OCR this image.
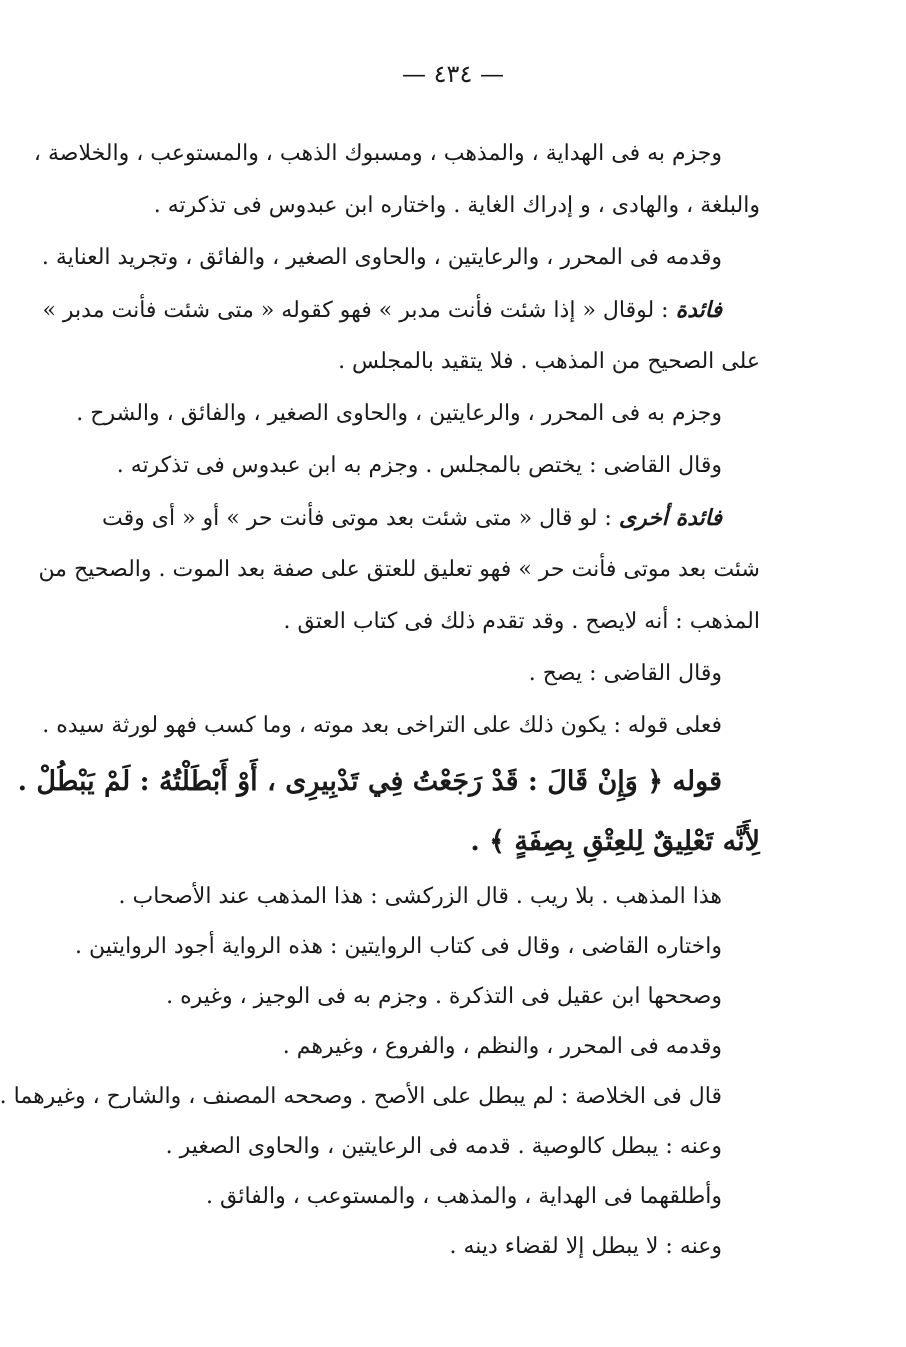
— ٤٣٤ —
وجزم به فى الهداية ، والمذهب ، ومسبوك الذهب ، والمستوعب ، والخلاصة ،
والبلغة ، والهادى ، و إدراك الغاية . واختاره ابن عبدوس فى تذكرته .
وقدمه فى المحرر ، والرعايتين ، والحاوى الصغير ، والفائق ، وتجريد العناية .
فائدة : لوقال « إذا شئت فأنت مدبر » فهو كقوله « متى شئت فأنت مدبر »
على الصحيح من المذهب . فلا يتقيد بالمجلس .
وجزم به فى المحرر ، والرعايتين ، والحاوى الصغير ، والفائق ، والشرح .
وقال القاضى : يختص بالمجلس . وجزم به ابن عبدوس فى تذكرته .
فائدة أخرى : لو قال « متى شئت بعد موتى فأنت حر » أو « أى وقت
شئت بعد موتى فأنت حر » فهو تعليق للعتق على صفة بعد الموت . والصحيح من
المذهب : أنه لايصح . وقد تقدم ذلك فى كتاب العتق .
وقال القاضى : يصح .
فعلى قوله : يكون ذلك على التراخى بعد موته ، وما كسب فهو لورثة سيده .
قوله ﴿ وَإِنْ قَالَ : قَدْ رَجَعْتُ فِي تَدْبِيرِى ، أَوْ أَبْطَلْتُهُ : لَمْ يَبْطُلْ .
لِأَنَّه تَعْلِيقٌ لِلعِتْقِ بِصِفَةٍ ﴾ .
هذا المذهب . بلا ريب . قال الزركشى : هذا المذهب عند الأصحاب .
واختاره القاضى ، وقال فى كتاب الروايتين : هذه الرواية أجود الروايتين .
وصححها ابن عقيل فى التذكرة . وجزم به فى الوجيز ، وغيره .
وقدمه فى المحرر ، والنظم ، والفروع ، وغيرهم .
قال فى الخلاصة : لم يبطل على الأصح . وصححه المصنف ، والشارح ، وغيرهما .
وعنه : يبطل كالوصية . قدمه فى الرعايتين ، والحاوى الصغير .
وأطلقهما فى الهداية ، والمذهب ، والمستوعب ، والفائق .
وعنه : لا يبطل إلا لقضاء دينه .
